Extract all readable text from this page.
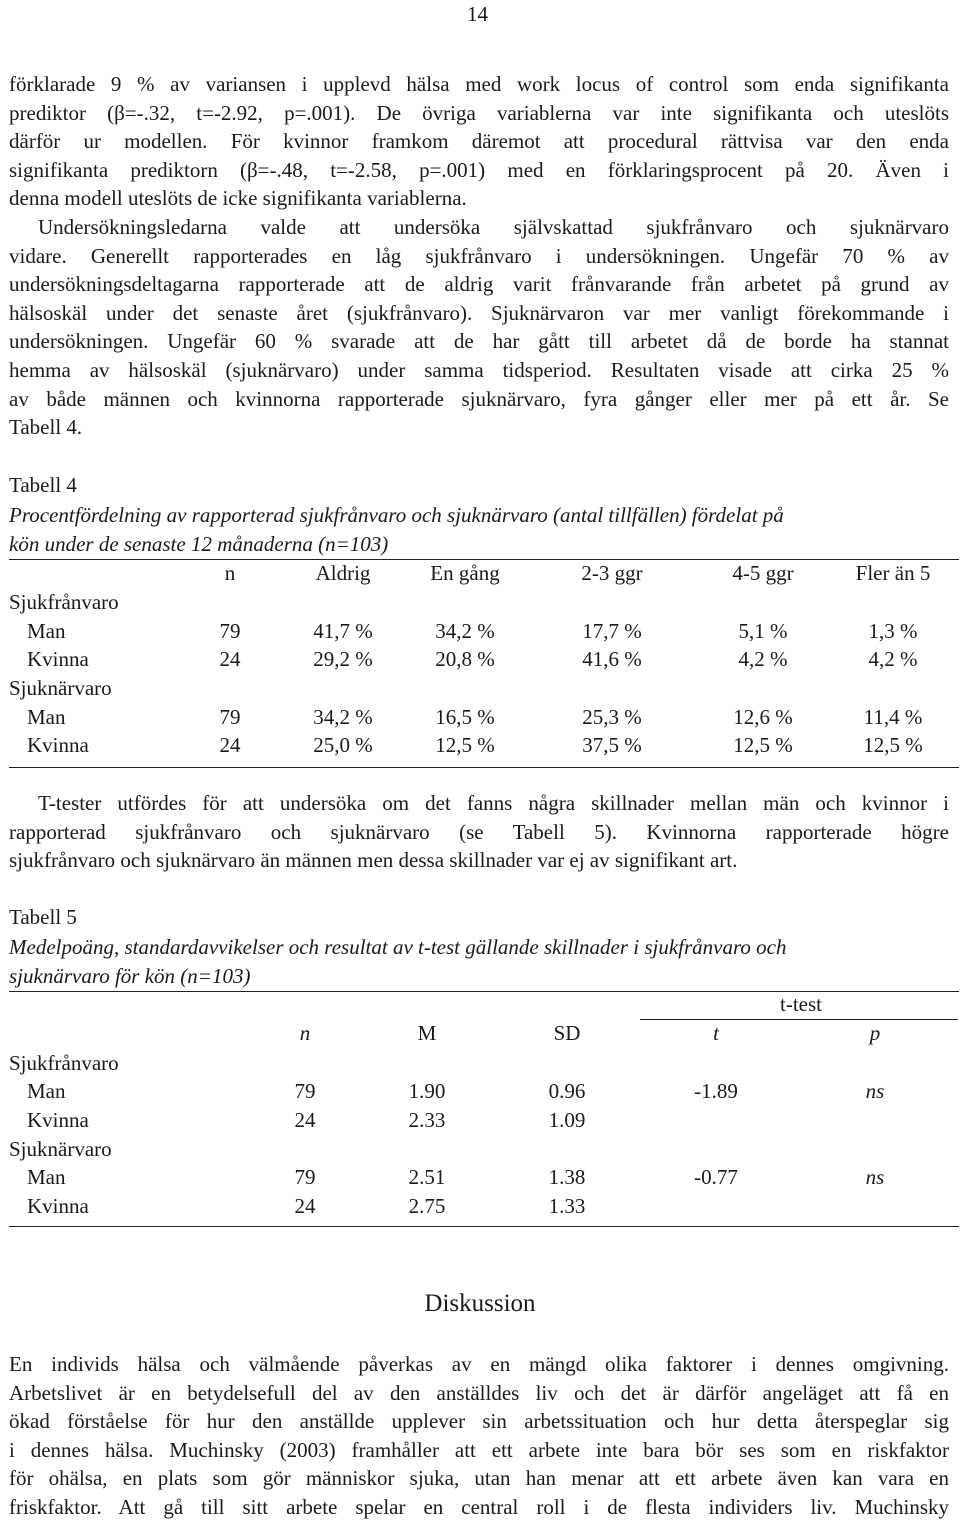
14
förklarade 9 % av variansen i upplevd hälsa med work locus of control som enda signifikanta
prediktor (β=-.32, t=-2.92, p=.001). De övriga variablerna var inte signifikanta och uteslöts
därför ur modellen. För kvinnor framkom däremot att procedural rättvisa var den enda
signifikanta prediktorn (β=-.48, t=-2.58, p=.001) med en förklaringsprocent på 20. Även i
denna modell uteslöts de icke signifikanta variablerna.
Undersökningsledarna valde att undersöka självskattad sjukfrånvaro och sjuknärvaro
vidare. Generellt rapporterades en låg sjukfrånvaro i undersökningen. Ungefär 70 % av
undersökningsdeltagarna rapporterade att de aldrig varit frånvarande från arbetet på grund av
hälsoskäl under det senaste året (sjukfrånvaro). Sjuknärvaron var mer vanligt förekommande i
undersökningen. Ungefär 60 % svarade att de har gått till arbetet då de borde ha stannat
hemma av hälsoskäl (sjuknärvaro) under samma tidsperiod. Resultaten visade att cirka 25 %
av både männen och kvinnorna rapporterade sjuknärvaro, fyra gånger eller mer på ett år. Se
Tabell 4.
Tabell 4
Procentfördelning av rapporterad sjukfrånvaro och sjuknärvaro (antal tillfällen) fördelat på
kön under de senaste 12 månaderna (n=103)
n	Aldrig	En gång	2-3 ggr	4-5 ggr	Fler än 5
Sjukfrånvaro
Man	79	41,7 %	34,2 %	17,7 %	5,1 %	1,3 %
Kvinna	24	29,2 %	20,8 %	41,6 %	4,2 %	4,2 %
Sjuknärvaro
Man	79	34,2 %	16,5 %	25,3 %	12,6 %	11,4 %
Kvinna	24	25,0 %	12,5 %	37,5 %	12,5 %	12,5 %
T-tester utfördes för att undersöka om det fanns några skillnader mellan män och kvinnor i
rapporterad sjukfrånvaro och sjuknärvaro (se Tabell 5). Kvinnorna rapporterade högre
sjukfrånvaro och sjuknärvaro än männen men dessa skillnader var ej av signifikant art.
Tabell 5
Medelpoäng, standardavvikelser och resultat av t-test gällande skillnader i sjukfrånvaro och
sjuknärvaro för kön (n=103)
t-test
n	M	SD	t	p
Sjukfrånvaro
Man	79	1.90	0.96	-1.89	ns
Kvinna	24	2.33	1.09
Sjuknärvaro
Man	79	2.51	1.38	-0.77	ns
Kvinna	24	2.75	1.33
Diskussion
En individs hälsa och välmående påverkas av en mängd olika faktorer i dennes omgivning.
Arbetslivet är en betydelsefull del av den anställdes liv och det är därför angeläget att få en
ökad förståelse för hur den anställde upplever sin arbetssituation och hur detta återspeglar sig
i dennes hälsa. Muchinsky (2003) framhåller att ett arbete inte bara bör ses som en riskfaktor
för ohälsa, en plats som gör människor sjuka, utan han menar att ett arbete även kan vara en
friskfaktor. Att gå till sitt arbete spelar en central roll i de flesta individers liv. Muchinsky
